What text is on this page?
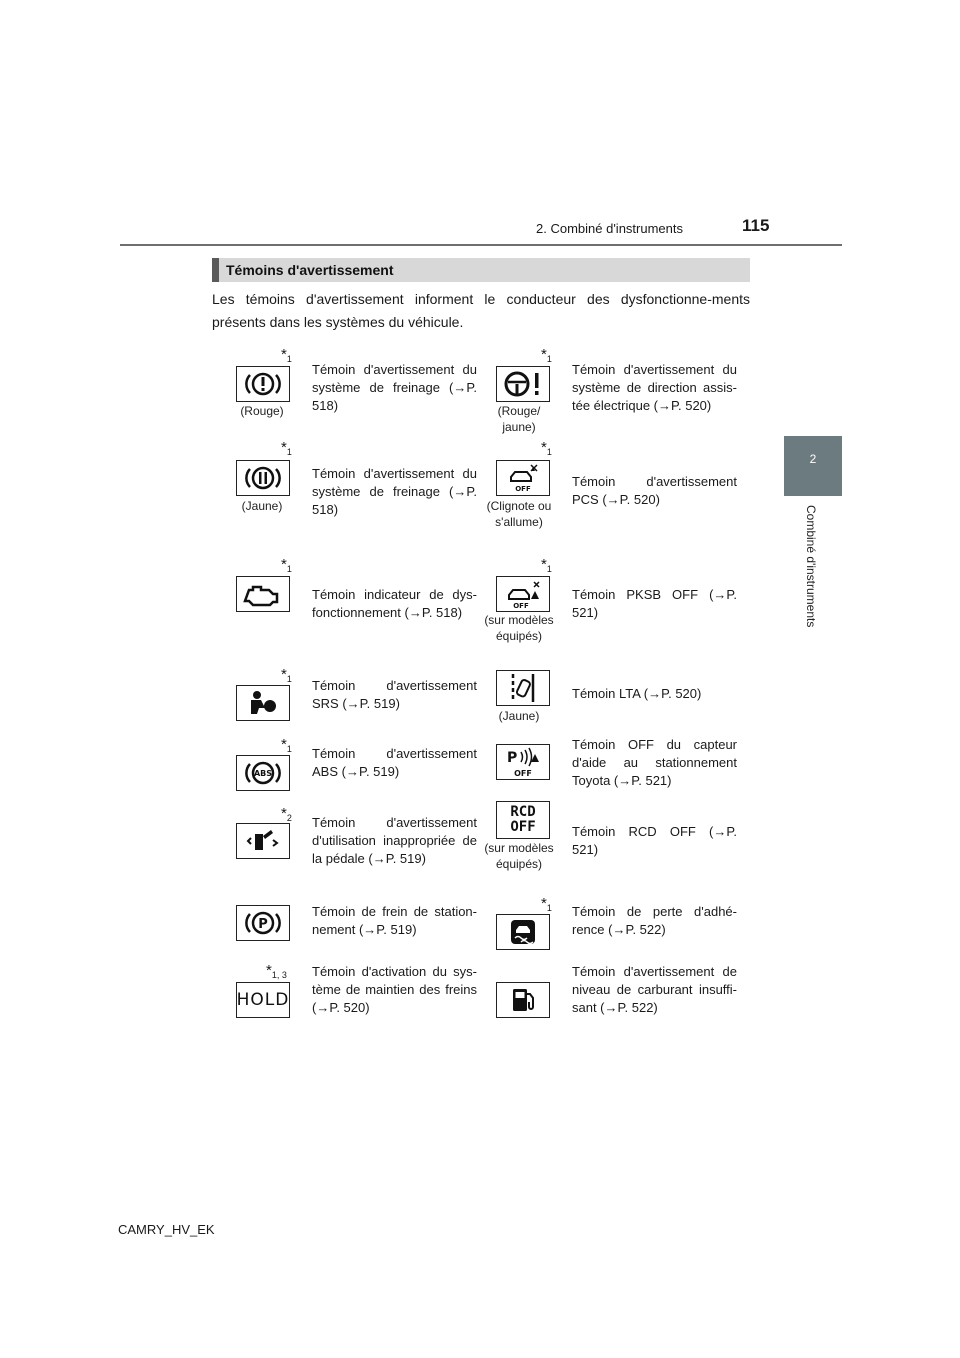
2. Combiné d'instruments	115
2
Combiné d'instruments
Témoins d'avertissement
Les témoins d'avertissement informent le conducteur des dysfonctionne-ments présents dans les systèmes du véhicule.
$*_1$
(Rouge)
Témoin d'avertissement du système de freinage (→P. 518)
$*_1$
(Jaune)
Témoin d'avertissement du système de freinage (→P. 518)
$*_1$
Témoin indicateur de dys-fonctionnement (→P. 518)
$*_1$ Témoin d'avertissement SRS (→P. 519)
$*_1$
ABS
Témoin d'avertissement ABS (→P. 519)
$*_2$ Témoin d'avertissement d'utilisation inappropriée de la pédale (→P. 519)
P
Témoin de frein de station-nement (→P. 519)
$*_{1, 3}$
HOLD
Témoin d'activation du sys-tème de maintien des freins (→P. 520)
$*_1$
(Rouge/ jaune)
Témoin d'avertissement du système de direction assis-tée électrique (→P. 520)
$*_1$
OFF
(Clignote ou s'allume)
Témoin d'avertissement PCS (→P. 520)
$*_1$
OFF
(sur modèles équipés)
Témoin PKSB OFF (→P. 521)
(Jaune)
Témoin LTA (→P. 520)
P
OFF
Témoin OFF du capteur d'aide au stationnement Toyota (→P. 521)
RCD
OFF
(sur modèles équipés)
Témoin RCD OFF (→P. 521)
$*_1$ Témoin de perte d'adhé-rence (→P. 522)
Témoin d'avertissement de niveau de carburant insuffi-sant (→P. 522)
CAMRY_HV_EK
